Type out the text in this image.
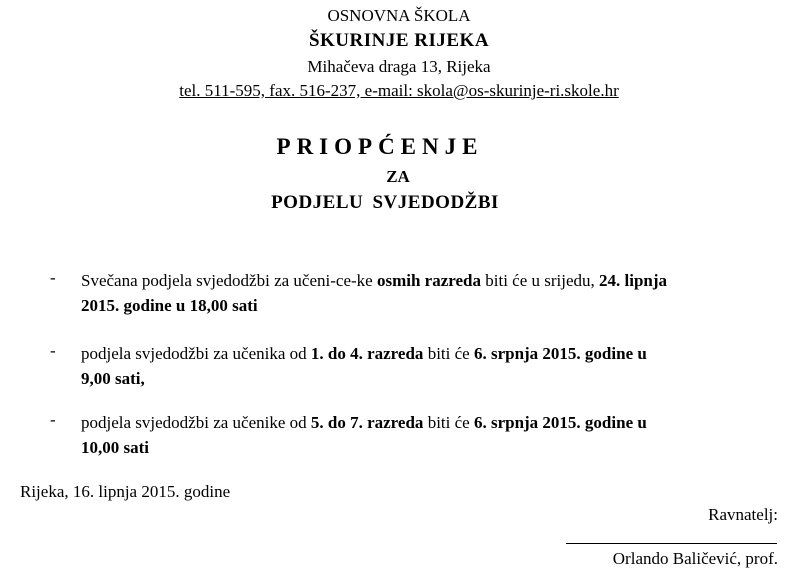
OSNOVNA ŠKOLA
ŠKURINJE RIJEKA
Mihačeva draga 13, Rijeka
tel. 511-595, fax. 516-237, e-mail: skola@os-skurinje-ri.skole.hr
PRIOPĆENJE
ZA
PODJELU SVJEDODŽBI
- Svečana podjela svjedodžbi za učeni-ce-ke osmih razreda biti će u srijedu, 24. lipnja
2015. godine u 18,00 sati
- podjela svjedodžbi za učenika od 1. do 4. razreda biti će 6. srpnja 2015. godine u
9,00 sati,
- podjela svjedodžbi za učenike od 5. do 7. razreda biti će 6. srpnja 2015. godine u
10,00 sati
Rijeka, 16. lipnja 2015. godine
Ravnatelj:
Orlando Baličević, prof.
